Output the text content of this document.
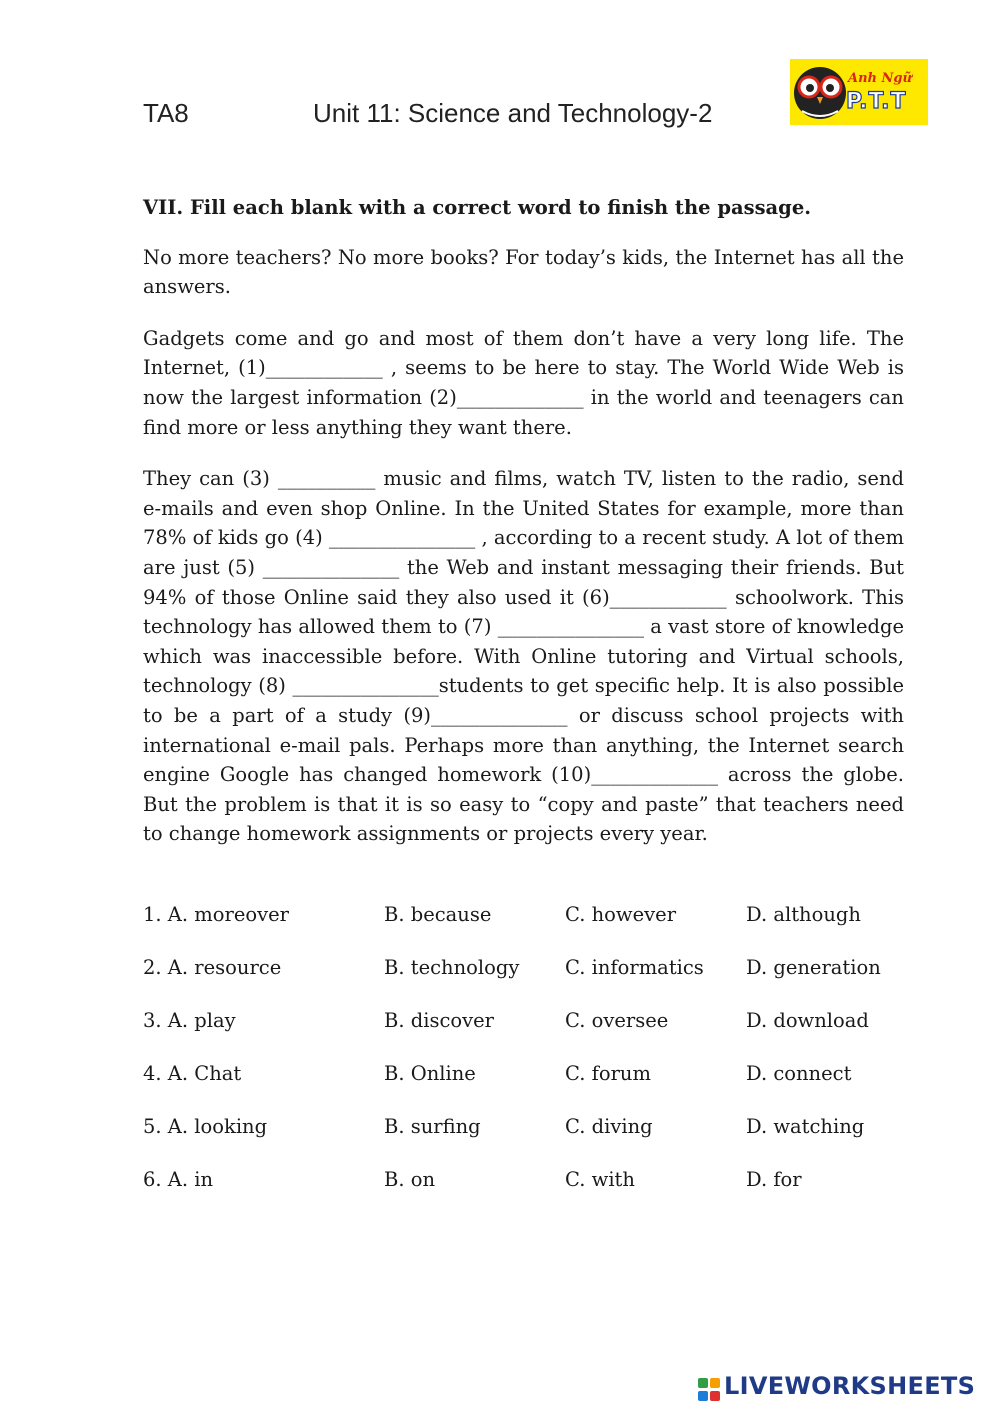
TA8	Unit 11: Science and Technology-2
Anh Ngữ
P.T.T

VII. Fill each blank with a correct word to finish the passage.

No more teachers? No more books? For today’s kids, the Internet has all the answers.

Gadgets come and go and most of them don’t have a very long life. The Internet, (1)____________ , seems to be here to stay. The World Wide Web is now the largest information (2)_____________ in the world and teenagers can find more or less anything they want there.

They can (3) __________ music and films, watch TV, listen to the radio, send e-mails and even shop Online. In the United States for example, more than 78% of kids go (4) _______________ , according to a recent study. A lot of them are just (5) ______________ the Web and instant messaging their friends. But 94% of those Online said they also used it (6)____________ schoolwork. This technology has allowed them to (7) _______________ a vast store of knowledge which was inaccessible before. With Online tutoring and Virtual schools, technology (8) _______________students to get specific help. It is also possible to be a part of a study (9)______________ or discuss school projects with international e-mail pals. Perhaps more than anything, the Internet search engine Google has changed homework (10)_____________ across the globe. But the problem is that it is so easy to “copy and paste” that teachers need to change homework assignments or projects every year.

1. A. moreover	B. because	C. however	D. although
2. A. resource	B. technology C. informatics D. generation
3. A. play	B. discover	C. oversee	D. download
4. A. Chat	B. Online	C. forum	D. connect
5. A. looking	B. surfing	C. diving	D. watching
6. A. in	B. on	C. with	D. for
LIVEWORKSHEETS
